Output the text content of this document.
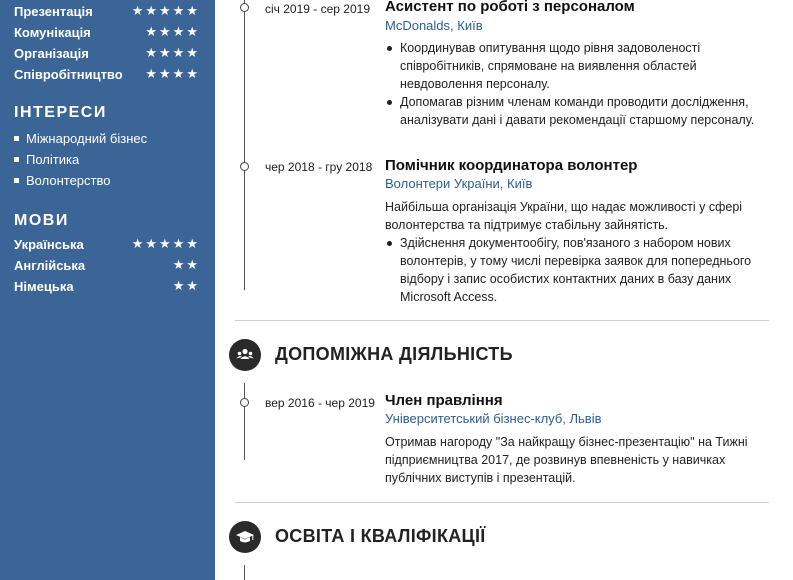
Презентація	★★★★★
Комунікація	★★★★
Організація	★★★★
Співробітництво ★★★★
ІНТЕРЕСИ
Міжнародний бізнес
Політика
Волонтерство
МОВИ
Українська	★★★★★
Англійська	★★
Німецька	★★
січ 2019 - сер 2019	Асистент по роботі з персоналом
McDonalds, Київ
Координував опитування щодо рівня задоволеності співробітників, спрямоване на виявлення областей невдоволення персоналу.
Допомагав різним членам команди проводити дослідження, аналізувати дані і давати рекомендації старшому персоналу.
чер 2018 - гру 2018 Помічник координатора волонтер
Волонтери України, Київ
Найбільша організація України, що надає можливості у сфері волонтерства та підтримує стабільну зайнятість.
Здійснення документообігу, пов'язаного з набором нових волонтерів, у тому числі перевірка заявок для попереднього відбору і запис особистих контактних даних в базу даних Microsoft Access.
ДОПОМІЖНА ДІЯЛЬНІСТЬ
вер 2016 - чер 2019 Член правління
Університетський бізнес-клуб, Львів
Отримав нагороду "За найкращу бізнес-презентацію" на Тижні підприємництва 2017, де розвинув впевненість у навичках публічних виступів і презентацій.
ОСВІТА І КВАЛІФІКАЦІЇ
